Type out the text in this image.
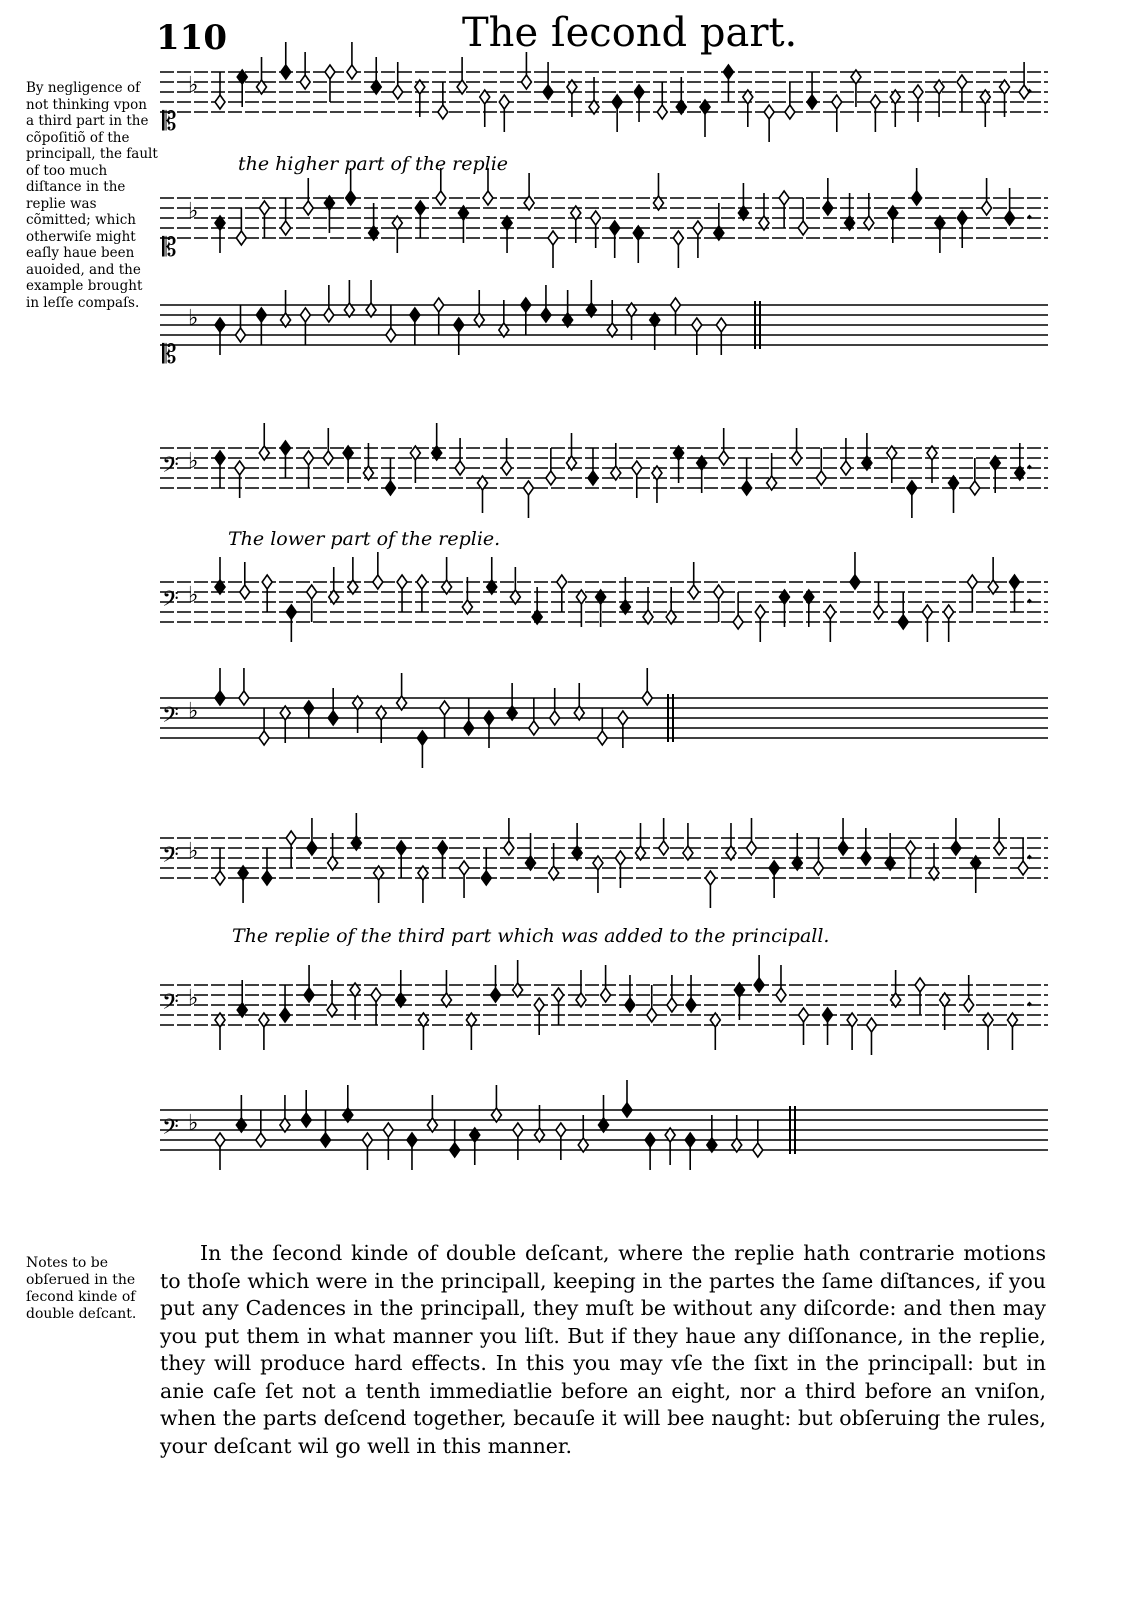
110	The ſecond part.
By negligence of not thinking vpon a third part in the cõpoſitiõ of the principall, the fault of too much diſtance in the replie was cõmitted; which otherwiſe might eaſly haue been auoided, and the example brought in leſſe compaſs.
𝄡
♭	𝆺
𝄡
♭	𝆺
𝄡
♭
𝄢 ♭	𝆺
𝄢 ♭	𝆺
𝄢 ♭
𝄢 ♭	𝆺
𝄢 ♭	𝆺
𝄢 ♭
the higher part of the replie
The lower part of the replie.
The replie of the third part which was added to the principall.
Notes to be obſerued in the ſecond kinde of double deſcant.

In the ſecond kinde of double deſcant, where the replie hath contrarie motions to thoſe which were in the principall, keeping in the partes the ſame diſtances, if you put any Cadences in the principall, they muſt be without any diſcorde: and then may you put them in what manner you liſt. But if they haue any diſſonance, in the replie, they will produce hard effects. In this you may vſe the ſixt in the principall: but in anie caſe ſet not a tenth immediatlie before an eight, nor a third before an vniſon, when the parts deſcend together, becauſe it will bee naught: but obſeruing the rules, your deſcant wil go well in this manner.
